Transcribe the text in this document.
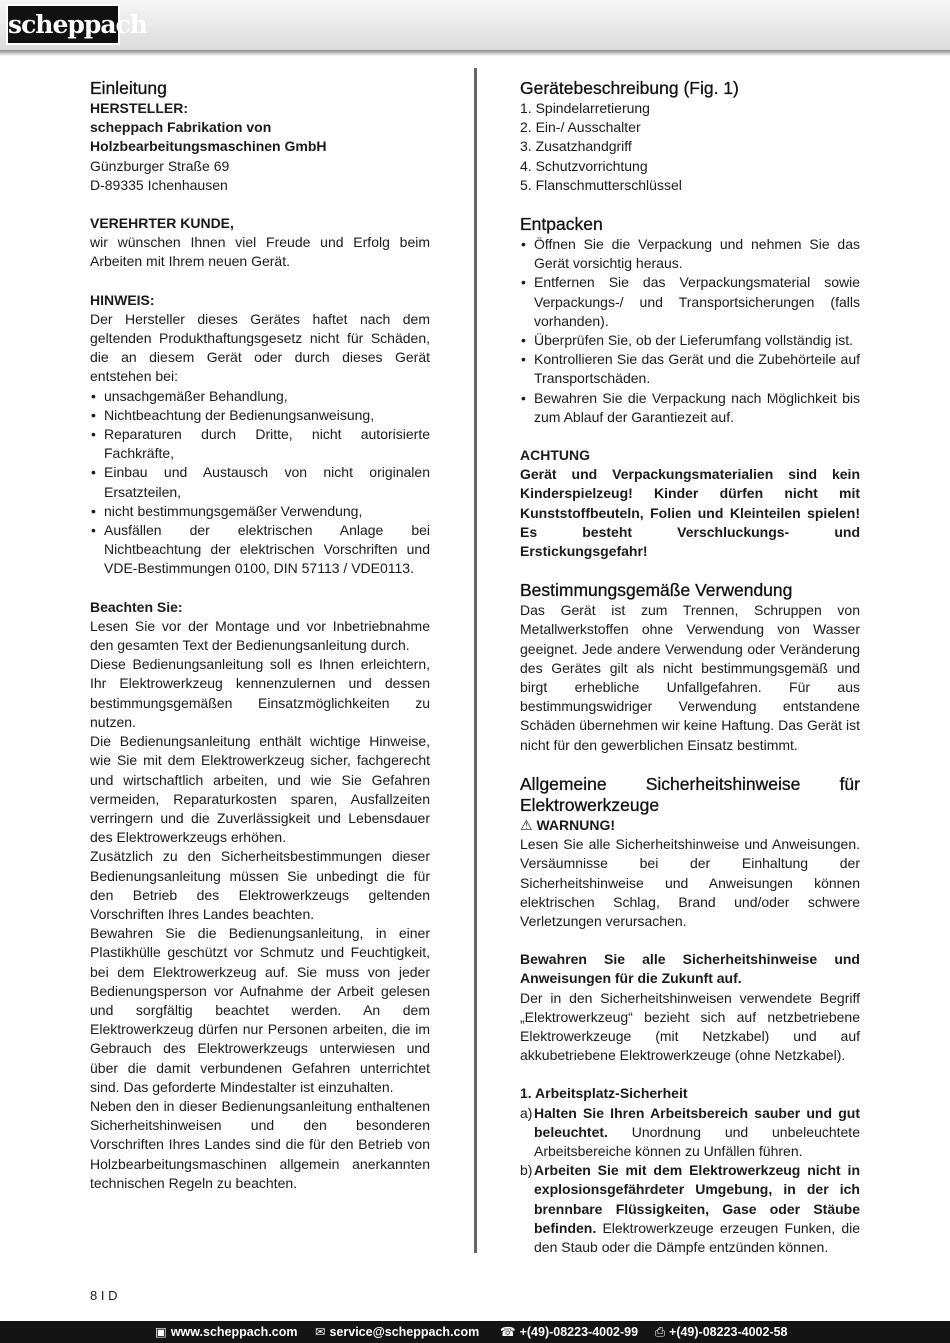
scheppach
Einleitung

HERSTELLER:

scheppach Fabrikation von

Holzbearbeitungsmaschinen GmbH

Günzburger Straße 69

D-89335 Ichenhausen

VEREHRTER KUNDE,

wir wünschen Ihnen viel Freude und Erfolg beim Arbeiten mit Ihrem neuen Gerät.

HINWEIS:

Der Hersteller dieses Gerätes haftet nach dem geltenden Produkthaftungsgesetz nicht für Schäden, die an diesem Gerät oder durch dieses Gerät entstehen bei:

• unsachgemäßer Behandlung,
• Nichtbeachtung der Bedienungsanweisung,
• Reparaturen durch Dritte, nicht autorisierte Fachkräfte,
• Einbau und Austausch von nicht originalen Ersatzteilen,
• nicht bestimmungsgemäßer Verwendung,
• Ausfällen der elektrischen Anlage bei Nichtbeachtung der elektrischen Vorschriften und VDE-Bestimmungen 0100, DIN 57113 / VDE0113.

Beachten Sie:

Lesen Sie vor der Montage und vor Inbetriebnahme den gesamten Text der Bedienungsanleitung durch.

Diese Bedienungsanleitung soll es Ihnen erleichtern, Ihr Elektrowerkzeug kennenzulernen und dessen bestimmungsgemäßen Einsatzmöglichkeiten zu nutzen.

Die Bedienungsanleitung enthält wichtige Hinweise, wie Sie mit dem Elektrowerkzeug sicher, fachgerecht und wirtschaftlich arbeiten, und wie Sie Gefahren vermeiden, Reparaturkosten sparen, Ausfallzeiten verringern und die Zuverlässigkeit und Lebensdauer des Elektrowerkzeugs erhöhen.

Zusätzlich zu den Sicherheitsbestimmungen dieser Bedienungsanleitung müssen Sie unbedingt die für den Betrieb des Elektrowerkzeugs geltenden Vorschriften Ihres Landes beachten.

Bewahren Sie die Bedienungsanleitung, in einer Plastikhülle geschützt vor Schmutz und Feuchtigkeit, bei dem Elektrowerkzeug auf. Sie muss von jeder Bedienungsperson vor Aufnahme der Arbeit gelesen und sorgfältig beachtet werden. An dem Elektrowerkzeug dürfen nur Personen arbeiten, die im Gebrauch des Elektrowerkzeugs unterwiesen und über die damit verbundenen Gefahren unterrichtet sind. Das geforderte Mindestalter ist einzuhalten.

Neben den in dieser Bedienungsanleitung enthaltenen Sicherheitshinweisen und den besonderen Vorschriften Ihres Landes sind die für den Betrieb von Holzbearbeitungsmaschinen allgemein anerkannten technischen Regeln zu beachten.

Gerätebeschreibung (Fig. 1)

1. Spindelarretierung

2. Ein-/ Ausschalter

3. Zusatzhandgriff

4. Schutzvorrichtung

5. Flanschmutterschlüssel

Entpacken
• Öffnen Sie die Verpackung und nehmen Sie das Gerät vorsichtig heraus.
• Entfernen Sie das Verpackungsmaterial sowie Verpackungs-/ und Transportsicherungen (falls vorhanden).
• Überprüfen Sie, ob der Lieferumfang vollständig ist.
• Kontrollieren Sie das Gerät und die Zubehörteile auf Transportschäden.
• Bewahren Sie die Verpackung nach Möglichkeit bis zum Ablauf der Garantiezeit auf.

ACHTUNG

Gerät und Verpackungsmaterialien sind kein Kinderspielzeug! Kinder dürfen nicht mit Kunststoffbeuteln, Folien und Kleinteilen spielen! Es besteht Verschluckungs- und Erstickungsgefahr!

Bestimmungsgemäße Verwendung

Das Gerät ist zum Trennen, Schruppen von Metallwerkstoffen ohne Verwendung von Wasser geeignet. Jede andere Verwendung oder Veränderung des Gerätes gilt als nicht bestimmungsgemäß und birgt erhebliche Unfallgefahren. Für aus bestimmungswidriger Verwendung entstandene Schäden übernehmen wir keine Haftung. Das Gerät ist nicht für den gewerblichen Einsatz bestimmt.

Allgemeine Sicherheitshinweise für
Elektrowerkzeuge

⚠ WARNUNG!

Lesen Sie alle Sicherheitshinweise und Anweisungen. Versäumnisse bei der Einhaltung der Sicherheitshinweise und Anweisungen können elektrischen Schlag, Brand und/oder schwere Verletzungen verursachen.

Bewahren Sie alle Sicherheitshinweise und Anweisungen für die Zukunft auf.

Der in den Sicherheitshinweisen verwendete Begriff „Elektrowerkzeug“ bezieht sich auf netzbetriebene Elektrowerkzeuge (mit Netzkabel) und auf akkubetriebene Elektrowerkzeuge (ohne Netzkabel).

1. Arbeitsplatz-Sicherheit

a) Halten Sie Ihren Arbeitsbereich sauber und gut beleuchtet. Unordnung und unbeleuchtete Arbeitsbereiche können zu Unfällen führen.
b) Arbeiten Sie mit dem Elektrowerkzeug nicht in explosionsgefährdeter Umgebung, in der ich brennbare Flüssigkeiten, Gase oder Stäube befinden. Elektrowerkzeuge erzeugen Funken, die den Staub oder die Dämpfe entzünden können.
8 I D
▣ www.scheppach.com ✉ service@scheppach.com ☎ +(49)-08223-4002-99 ⎙ +(49)-08223-4002-58
